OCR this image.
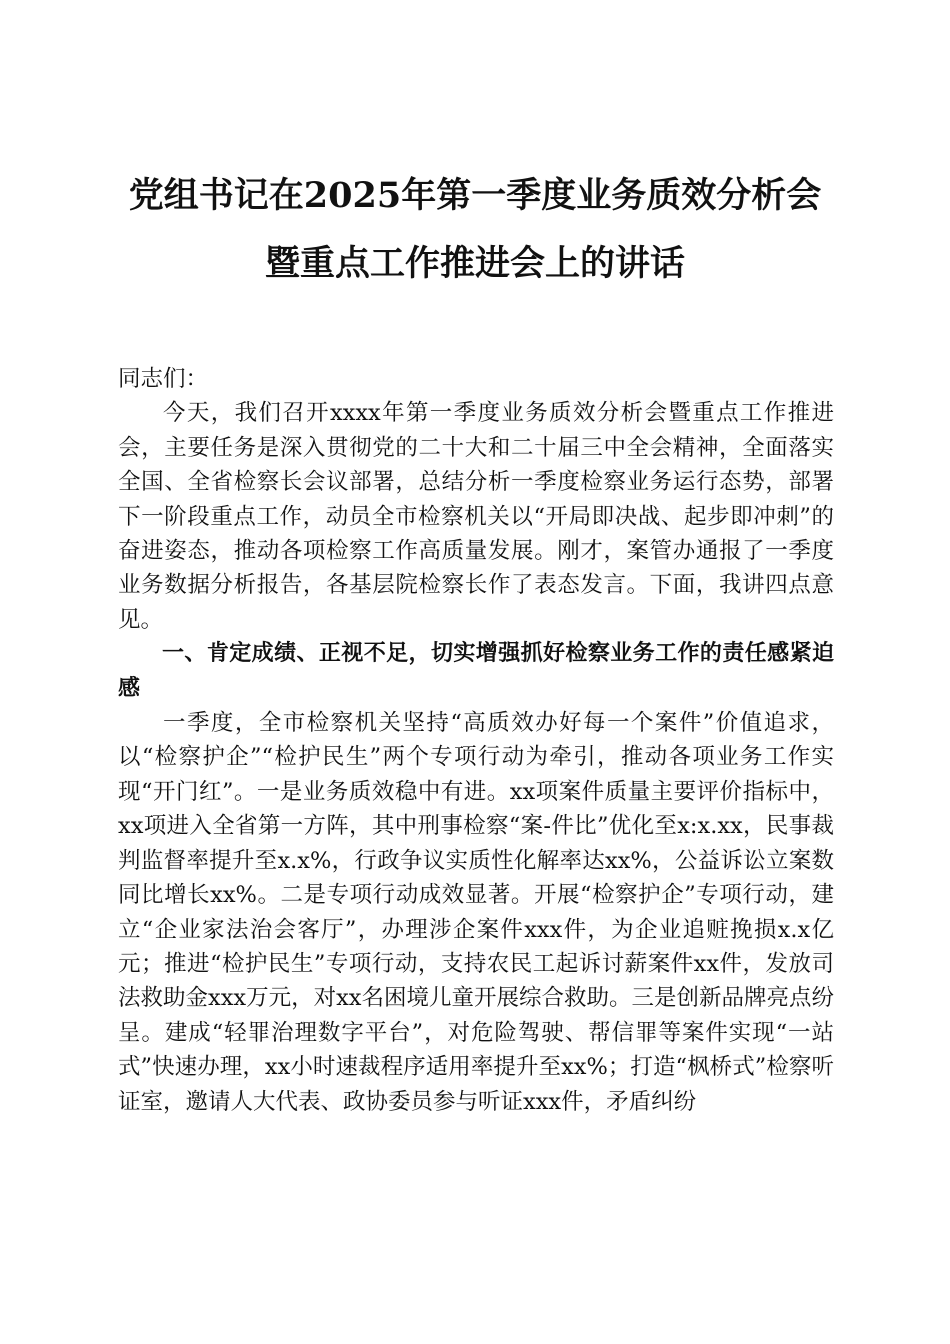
党组书记在2025年第一季度业务质效分析会
暨重点工作推进会上的讲话

同志们：

今天，我们召开xxxx年第一季度业务质效分析会暨重点工作推进会，主要任务是深入贯彻党的二十大和二十届三中全会精神，全面落实全国、全省检察长会议部署，总结分析一季度检察业务运行态势，部署下一阶段重点工作，动员全市检察机关以“开局即决战、起步即冲刺”的奋进姿态，推动各项检察工作高质量发展。刚才，案管办通报了一季度业务数据分析报告，各基层院检察长作了表态发言。下面，我讲四点意见。

一、肯定成绩、正视不足，切实增强抓好检察业务工作的责任感紧迫感

一季度，全市检察机关坚持“高质效办好每一个案件”价值追求，以“检察护企”“检护民生”两个专项行动为牵引，推动各项业务工作实现“开门红”。一是业务质效稳中有进。xx项案件质量主要评价指标中，xx项进入全省第一方阵，其中刑事检察“案-件比”优化至x:x.xx，民事裁判监督率提升至x.x%，行政争议实质性化解率达xx%，公益诉讼立案数同比增长xx%。二是专项行动成效显著。开展“检察护企”专项行动，建立“企业家法治会客厅”，办理涉企案件xxx件，为企业追赃挽损x.x亿元；推进“检护民生”专项行动，支持农民工起诉讨薪案件xx件，发放司法救助金xxx万元，对xx名困境儿童开展综合救助。三是创新品牌亮点纷呈。建成“轻罪治理数字平台”，对危险驾驶、帮信罪等案件实现“一站式”快速办理，xx小时速裁程序适用率提升至xx%；打造“枫桥式”检察听证室，邀请人大代表、政协委员参与听证xxx件，矛盾纠纷
